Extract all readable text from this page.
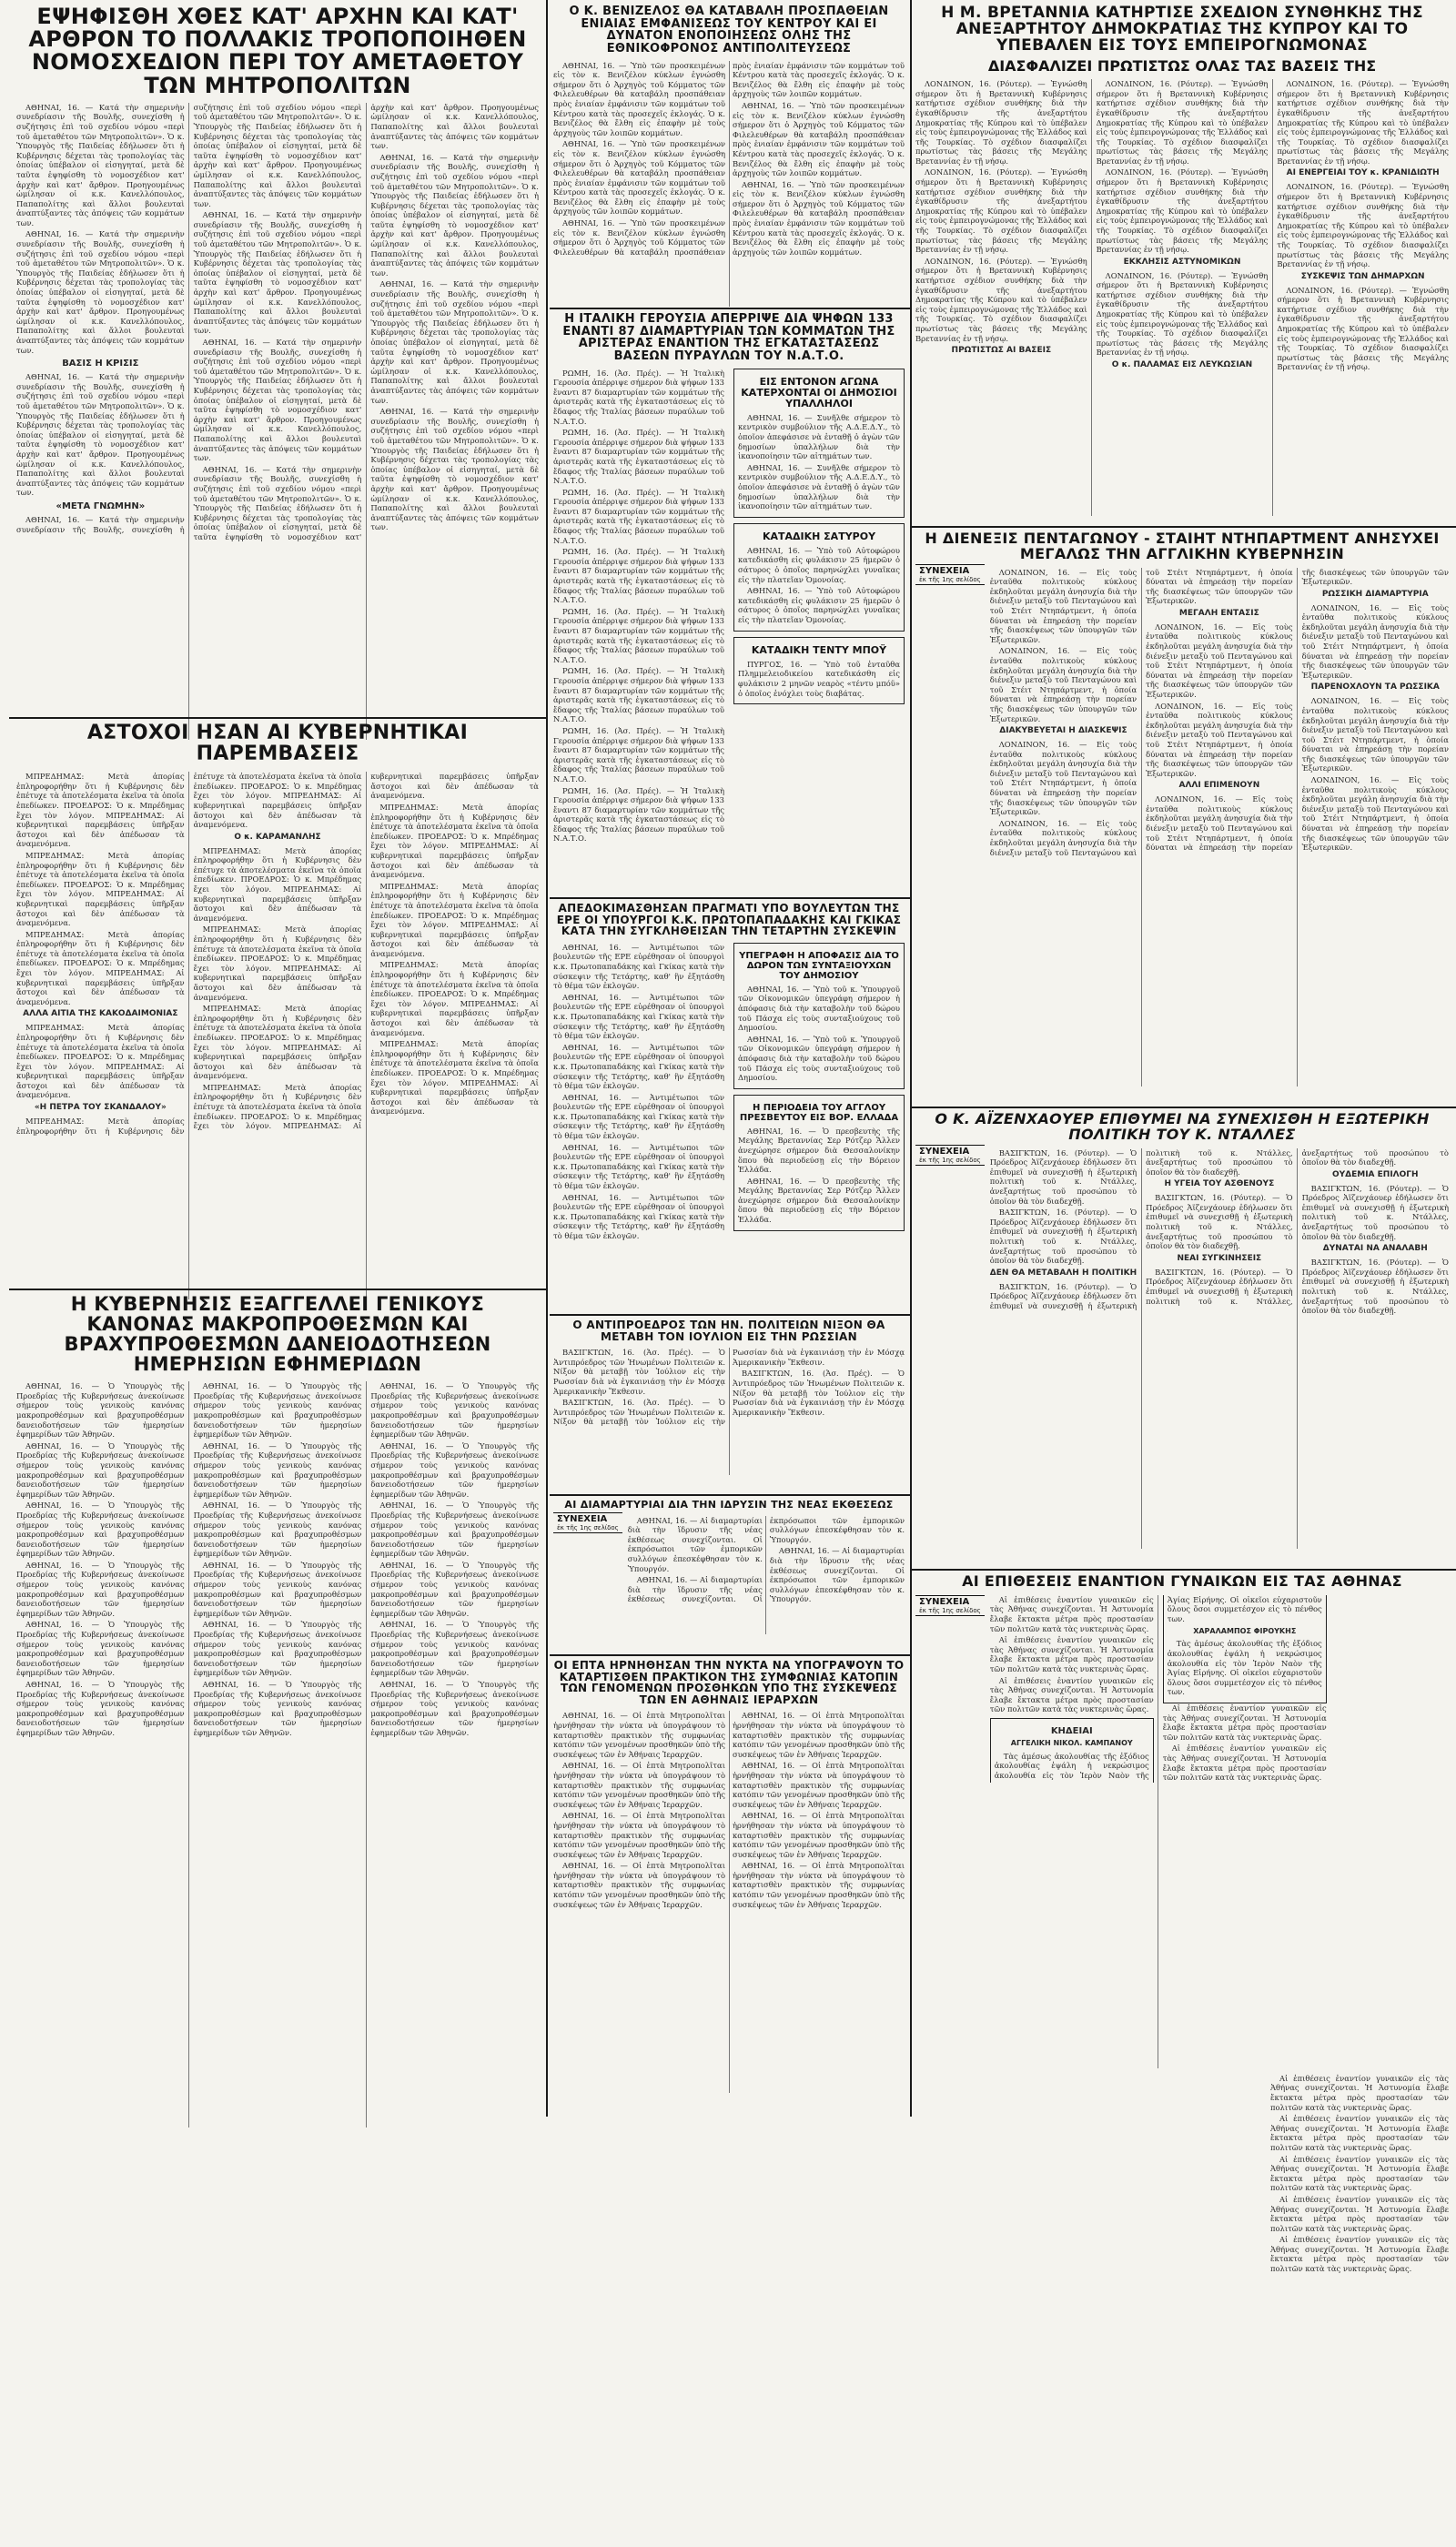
ΕΨΗΦΙΣΘΗ ΧΘΕΣ ΚΑΤ' ΑΡΧΗΝ ΚΑΙ ΚΑΤ' ΑΡΘΡΟΝ ΤΟ ΠΟΛΛΑΚΙΣ ΤΡΟΠΟΠΟΙΗΘΕΝ ΝΟΜΟΣΧΕΔΙΟΝ ΠΕΡΙ ΤΟΥ ΑΜΕΤΑΘΕΤΟΥ ΤΩΝ ΜΗΤΡΟΠΟΛΙΤΩΝ

ΑΘΗΝΑΙ, 16. — Κατά τὴν σημερινὴν συνεδρίασιν τῆς Βουλῆς, συνεχίσθη ἡ συζήτησις ἐπὶ τοῦ σχεδίου νόμου «περὶ τοῦ ἀμεταθέτου τῶν Μητροπολιτῶν». Ὁ κ. Ὑπουργὸς τῆς Παιδείας ἐδήλωσεν ὅτι ἡ Κυβέρνησις δέχεται τὰς τροπολογίας τὰς ὁποίας ὑπέβαλον οἱ εἰσηγηταί, μετὰ δὲ ταῦτα ἐψηφίσθη τὸ νομοσχέδιον κατ' ἀρχὴν καὶ κατ' ἄρθρον. Προηγουμένως ὡμίλησαν οἱ κ.κ. Κανελλόπουλος, Παπαπολίτης καὶ ἄλλοι βουλευταὶ ἀναπτύξαντες τὰς ἀπόψεις τῶν κομμάτων των.

ΑΘΗΝΑΙ, 16. — Κατά τὴν σημερινὴν συνεδρίασιν τῆς Βουλῆς, συνεχίσθη ἡ συζήτησις ἐπὶ τοῦ σχεδίου νόμου «περὶ τοῦ ἀμεταθέτου τῶν Μητροπολιτῶν». Ὁ κ. Ὑπουργὸς τῆς Παιδείας ἐδήλωσεν ὅτι ἡ Κυβέρνησις δέχεται τὰς τροπολογίας τὰς ὁποίας ὑπέβαλον οἱ εἰσηγηταί, μετὰ δὲ ταῦτα ἐψηφίσθη τὸ νομοσχέδιον κατ' ἀρχὴν καὶ κατ' ἄρθρον. Προηγουμένως ὡμίλησαν οἱ κ.κ. Κανελλόπουλος, Παπαπολίτης καὶ ἄλλοι βουλευταὶ ἀναπτύξαντες τὰς ἀπόψεις τῶν κομμάτων των.

ΒΑΣΙΣ Η ΚΡΙΣΙΣ

ΑΘΗΝΑΙ, 16. — Κατά τὴν σημερινὴν συνεδρίασιν τῆς Βουλῆς, συνεχίσθη ἡ συζήτησις ἐπὶ τοῦ σχεδίου νόμου «περὶ τοῦ ἀμεταθέτου τῶν Μητροπολιτῶν». Ὁ κ. Ὑπουργὸς τῆς Παιδείας ἐδήλωσεν ὅτι ἡ Κυβέρνησις δέχεται τὰς τροπολογίας τὰς ὁποίας ὑπέβαλον οἱ εἰσηγηταί, μετὰ δὲ ταῦτα ἐψηφίσθη τὸ νομοσχέδιον κατ' ἀρχὴν καὶ κατ' ἄρθρον. Προηγουμένως ὡμίλησαν οἱ κ.κ. Κανελλόπουλος, Παπαπολίτης καὶ ἄλλοι βουλευταὶ ἀναπτύξαντες τὰς ἀπόψεις τῶν κομμάτων των.

«ΜΕΤΑ ΓΝΩΜΗΝ»

ΑΘΗΝΑΙ, 16. — Κατά τὴν σημερινὴν συνεδρίασιν τῆς Βουλῆς, συνεχίσθη ἡ συζήτησις ἐπὶ τοῦ σχεδίου νόμου «περὶ τοῦ ἀμεταθέτου τῶν Μητροπολιτῶν». Ὁ κ. Ὑπουργὸς τῆς Παιδείας ἐδήλωσεν ὅτι ἡ Κυβέρνησις δέχεται τὰς τροπολογίας τὰς ὁποίας ὑπέβαλον οἱ εἰσηγηταί, μετὰ δὲ ταῦτα ἐψηφίσθη τὸ νομοσχέδιον κατ' ἀρχὴν καὶ κατ' ἄρθρον. Προηγουμένως ὡμίλησαν οἱ κ.κ. Κανελλόπουλος, Παπαπολίτης καὶ ἄλλοι βουλευταὶ ἀναπτύξαντες τὰς ἀπόψεις τῶν κομμάτων των.

ΑΘΗΝΑΙ, 16. — Κατά τὴν σημερινὴν συνεδρίασιν τῆς Βουλῆς, συνεχίσθη ἡ συζήτησις ἐπὶ τοῦ σχεδίου νόμου «περὶ τοῦ ἀμεταθέτου τῶν Μητροπολιτῶν». Ὁ κ. Ὑπουργὸς τῆς Παιδείας ἐδήλωσεν ὅτι ἡ Κυβέρνησις δέχεται τὰς τροπολογίας τὰς ὁποίας ὑπέβαλον οἱ εἰσηγηταί, μετὰ δὲ ταῦτα ἐψηφίσθη τὸ νομοσχέδιον κατ' ἀρχὴν καὶ κατ' ἄρθρον. Προηγουμένως ὡμίλησαν οἱ κ.κ. Κανελλόπουλος, Παπαπολίτης καὶ ἄλλοι βουλευταὶ ἀναπτύξαντες τὰς ἀπόψεις τῶν κομμάτων των.

ΑΘΗΝΑΙ, 16. — Κατά τὴν σημερινὴν συνεδρίασιν τῆς Βουλῆς, συνεχίσθη ἡ συζήτησις ἐπὶ τοῦ σχεδίου νόμου «περὶ τοῦ ἀμεταθέτου τῶν Μητροπολιτῶν». Ὁ κ. Ὑπουργὸς τῆς Παιδείας ἐδήλωσεν ὅτι ἡ Κυβέρνησις δέχεται τὰς τροπολογίας τὰς ὁποίας ὑπέβαλον οἱ εἰσηγηταί, μετὰ δὲ ταῦτα ἐψηφίσθη τὸ νομοσχέδιον κατ' ἀρχὴν καὶ κατ' ἄρθρον. Προηγουμένως ὡμίλησαν οἱ κ.κ. Κανελλόπουλος, Παπαπολίτης καὶ ἄλλοι βουλευταὶ ἀναπτύξαντες τὰς ἀπόψεις τῶν κομμάτων των.

ΑΘΗΝΑΙ, 16. — Κατά τὴν σημερινὴν συνεδρίασιν τῆς Βουλῆς, συνεχίσθη ἡ συζήτησις ἐπὶ τοῦ σχεδίου νόμου «περὶ τοῦ ἀμεταθέτου τῶν Μητροπολιτῶν». Ὁ κ. Ὑπουργὸς τῆς Παιδείας ἐδήλωσεν ὅτι ἡ Κυβέρνησις δέχεται τὰς τροπολογίας τὰς ὁποίας ὑπέβαλον οἱ εἰσηγηταί, μετὰ δὲ ταῦτα ἐψηφίσθη τὸ νομοσχέδιον κατ' ἀρχὴν καὶ κατ' ἄρθρον. Προηγουμένως ὡμίλησαν οἱ κ.κ. Κανελλόπουλος, Παπαπολίτης καὶ ἄλλοι βουλευταὶ ἀναπτύξαντες τὰς ἀπόψεις τῶν κομμάτων των.

ΑΘΗΝΑΙ, 16. — Κατά τὴν σημερινὴν συνεδρίασιν τῆς Βουλῆς, συνεχίσθη ἡ συζήτησις ἐπὶ τοῦ σχεδίου νόμου «περὶ τοῦ ἀμεταθέτου τῶν Μητροπολιτῶν». Ὁ κ. Ὑπουργὸς τῆς Παιδείας ἐδήλωσεν ὅτι ἡ Κυβέρνησις δέχεται τὰς τροπολογίας τὰς ὁποίας ὑπέβαλον οἱ εἰσηγηταί, μετὰ δὲ ταῦτα ἐψηφίσθη τὸ νομοσχέδιον κατ' ἀρχὴν καὶ κατ' ἄρθρον. Προηγουμένως ὡμίλησαν οἱ κ.κ. Κανελλόπουλος, Παπαπολίτης καὶ ἄλλοι βουλευταὶ ἀναπτύξαντες τὰς ἀπόψεις τῶν κομμάτων των.

ΑΘΗΝΑΙ, 16. — Κατά τὴν σημερινὴν συνεδρίασιν τῆς Βουλῆς, συνεχίσθη ἡ συζήτησις ἐπὶ τοῦ σχεδίου νόμου «περὶ τοῦ ἀμεταθέτου τῶν Μητροπολιτῶν». Ὁ κ. Ὑπουργὸς τῆς Παιδείας ἐδήλωσεν ὅτι ἡ Κυβέρνησις δέχεται τὰς τροπολογίας τὰς ὁποίας ὑπέβαλον οἱ εἰσηγηταί, μετὰ δὲ ταῦτα ἐψηφίσθη τὸ νομοσχέδιον κατ' ἀρχὴν καὶ κατ' ἄρθρον. Προηγουμένως ὡμίλησαν οἱ κ.κ. Κανελλόπουλος, Παπαπολίτης καὶ ἄλλοι βουλευταὶ ἀναπτύξαντες τὰς ἀπόψεις τῶν κομμάτων των.

ΑΘΗΝΑΙ, 16. — Κατά τὴν σημερινὴν συνεδρίασιν τῆς Βουλῆς, συνεχίσθη ἡ συζήτησις ἐπὶ τοῦ σχεδίου νόμου «περὶ τοῦ ἀμεταθέτου τῶν Μητροπολιτῶν». Ὁ κ. Ὑπουργὸς τῆς Παιδείας ἐδήλωσεν ὅτι ἡ Κυβέρνησις δέχεται τὰς τροπολογίας τὰς ὁποίας ὑπέβαλον οἱ εἰσηγηταί, μετὰ δὲ ταῦτα ἐψηφίσθη τὸ νομοσχέδιον κατ' ἀρχὴν καὶ κατ' ἄρθρον. Προηγουμένως ὡμίλησαν οἱ κ.κ. Κανελλόπουλος, Παπαπολίτης καὶ ἄλλοι βουλευταὶ ἀναπτύξαντες τὰς ἀπόψεις τῶν κομμάτων των.

ΑΣΤΟΧΟΙ ΗΣΑΝ ΑΙ ΚΥΒΕΡΝΗΤΙΚΑΙ ΠΑΡΕΜΒΑΣΕΙΣ

ΜΠΡΕΔΗΜΑΣ: Μετὰ ἀπορίας ἐπληροφορήθην ὅτι ἡ Κυβέρνησις δὲν ἐπέτυχε τὰ ἀποτελέσματα ἐκεῖνα τὰ ὁποῖα ἐπεδίωκεν. ΠΡΟΕΔΡΟΣ: Ὁ κ. Μπρέδημας ἔχει τὸν λόγον. ΜΠΡΕΔΗΜΑΣ: Αἱ κυβερνητικαὶ παρεμβάσεις ὑπῆρξαν ἄστοχοι καὶ δὲν ἀπέδωσαν τὰ ἀναμενόμενα.

ΜΠΡΕΔΗΜΑΣ: Μετὰ ἀπορίας ἐπληροφορήθην ὅτι ἡ Κυβέρνησις δὲν ἐπέτυχε τὰ ἀποτελέσματα ἐκεῖνα τὰ ὁποῖα ἐπεδίωκεν. ΠΡΟΕΔΡΟΣ: Ὁ κ. Μπρέδημας ἔχει τὸν λόγον. ΜΠΡΕΔΗΜΑΣ: Αἱ κυβερνητικαὶ παρεμβάσεις ὑπῆρξαν ἄστοχοι καὶ δὲν ἀπέδωσαν τὰ ἀναμενόμενα.

ΜΠΡΕΔΗΜΑΣ: Μετὰ ἀπορίας ἐπληροφορήθην ὅτι ἡ Κυβέρνησις δὲν ἐπέτυχε τὰ ἀποτελέσματα ἐκεῖνα τὰ ὁποῖα ἐπεδίωκεν. ΠΡΟΕΔΡΟΣ: Ὁ κ. Μπρέδημας ἔχει τὸν λόγον. ΜΠΡΕΔΗΜΑΣ: Αἱ κυβερνητικαὶ παρεμβάσεις ὑπῆρξαν ἄστοχοι καὶ δὲν ἀπέδωσαν τὰ ἀναμενόμενα.

ΑΛΛΑ ΑΙΤΙΑ ΤΗΣ ΚΑΚΟΔΑΙΜΟΝΙΑΣ

ΜΠΡΕΔΗΜΑΣ: Μετὰ ἀπορίας ἐπληροφορήθην ὅτι ἡ Κυβέρνησις δὲν ἐπέτυχε τὰ ἀποτελέσματα ἐκεῖνα τὰ ὁποῖα ἐπεδίωκεν. ΠΡΟΕΔΡΟΣ: Ὁ κ. Μπρέδημας ἔχει τὸν λόγον. ΜΠΡΕΔΗΜΑΣ: Αἱ κυβερνητικαὶ παρεμβάσεις ὑπῆρξαν ἄστοχοι καὶ δὲν ἀπέδωσαν τὰ ἀναμενόμενα.

«Η ΠΕΤΡΑ ΤΟΥ ΣΚΑΝΔΑΛΟΥ»

ΜΠΡΕΔΗΜΑΣ: Μετὰ ἀπορίας ἐπληροφορήθην ὅτι ἡ Κυβέρνησις δὲν ἐπέτυχε τὰ ἀποτελέσματα ἐκεῖνα τὰ ὁποῖα ἐπεδίωκεν. ΠΡΟΕΔΡΟΣ: Ὁ κ. Μπρέδημας ἔχει τὸν λόγον. ΜΠΡΕΔΗΜΑΣ: Αἱ κυβερνητικαὶ παρεμβάσεις ὑπῆρξαν ἄστοχοι καὶ δὲν ἀπέδωσαν τὰ ἀναμενόμενα.

Ο κ. ΚΑΡΑΜΑΝΛΗΣ

ΜΠΡΕΔΗΜΑΣ: Μετὰ ἀπορίας ἐπληροφορήθην ὅτι ἡ Κυβέρνησις δὲν ἐπέτυχε τὰ ἀποτελέσματα ἐκεῖνα τὰ ὁποῖα ἐπεδίωκεν. ΠΡΟΕΔΡΟΣ: Ὁ κ. Μπρέδημας ἔχει τὸν λόγον. ΜΠΡΕΔΗΜΑΣ: Αἱ κυβερνητικαὶ παρεμβάσεις ὑπῆρξαν ἄστοχοι καὶ δὲν ἀπέδωσαν τὰ ἀναμενόμενα.

ΜΠΡΕΔΗΜΑΣ: Μετὰ ἀπορίας ἐπληροφορήθην ὅτι ἡ Κυβέρνησις δὲν ἐπέτυχε τὰ ἀποτελέσματα ἐκεῖνα τὰ ὁποῖα ἐπεδίωκεν. ΠΡΟΕΔΡΟΣ: Ὁ κ. Μπρέδημας ἔχει τὸν λόγον. ΜΠΡΕΔΗΜΑΣ: Αἱ κυβερνητικαὶ παρεμβάσεις ὑπῆρξαν ἄστοχοι καὶ δὲν ἀπέδωσαν τὰ ἀναμενόμενα.

ΜΠΡΕΔΗΜΑΣ: Μετὰ ἀπορίας ἐπληροφορήθην ὅτι ἡ Κυβέρνησις δὲν ἐπέτυχε τὰ ἀποτελέσματα ἐκεῖνα τὰ ὁποῖα ἐπεδίωκεν. ΠΡΟΕΔΡΟΣ: Ὁ κ. Μπρέδημας ἔχει τὸν λόγον. ΜΠΡΕΔΗΜΑΣ: Αἱ κυβερνητικαὶ παρεμβάσεις ὑπῆρξαν ἄστοχοι καὶ δὲν ἀπέδωσαν τὰ ἀναμενόμενα.

ΜΠΡΕΔΗΜΑΣ: Μετὰ ἀπορίας ἐπληροφορήθην ὅτι ἡ Κυβέρνησις δὲν ἐπέτυχε τὰ ἀποτελέσματα ἐκεῖνα τὰ ὁποῖα ἐπεδίωκεν. ΠΡΟΕΔΡΟΣ: Ὁ κ. Μπρέδημας ἔχει τὸν λόγον. ΜΠΡΕΔΗΜΑΣ: Αἱ κυβερνητικαὶ παρεμβάσεις ὑπῆρξαν ἄστοχοι καὶ δὲν ἀπέδωσαν τὰ ἀναμενόμενα.

ΜΠΡΕΔΗΜΑΣ: Μετὰ ἀπορίας ἐπληροφορήθην ὅτι ἡ Κυβέρνησις δὲν ἐπέτυχε τὰ ἀποτελέσματα ἐκεῖνα τὰ ὁποῖα ἐπεδίωκεν. ΠΡΟΕΔΡΟΣ: Ὁ κ. Μπρέδημας ἔχει τὸν λόγον. ΜΠΡΕΔΗΜΑΣ: Αἱ κυβερνητικαὶ παρεμβάσεις ὑπῆρξαν ἄστοχοι καὶ δὲν ἀπέδωσαν τὰ ἀναμενόμενα.

ΜΠΡΕΔΗΜΑΣ: Μετὰ ἀπορίας ἐπληροφορήθην ὅτι ἡ Κυβέρνησις δὲν ἐπέτυχε τὰ ἀποτελέσματα ἐκεῖνα τὰ ὁποῖα ἐπεδίωκεν. ΠΡΟΕΔΡΟΣ: Ὁ κ. Μπρέδημας ἔχει τὸν λόγον. ΜΠΡΕΔΗΜΑΣ: Αἱ κυβερνητικαὶ παρεμβάσεις ὑπῆρξαν ἄστοχοι καὶ δὲν ἀπέδωσαν τὰ ἀναμενόμενα.

ΜΠΡΕΔΗΜΑΣ: Μετὰ ἀπορίας ἐπληροφορήθην ὅτι ἡ Κυβέρνησις δὲν ἐπέτυχε τὰ ἀποτελέσματα ἐκεῖνα τὰ ὁποῖα ἐπεδίωκεν. ΠΡΟΕΔΡΟΣ: Ὁ κ. Μπρέδημας ἔχει τὸν λόγον. ΜΠΡΕΔΗΜΑΣ: Αἱ κυβερνητικαὶ παρεμβάσεις ὑπῆρξαν ἄστοχοι καὶ δὲν ἀπέδωσαν τὰ ἀναμενόμενα.

ΜΠΡΕΔΗΜΑΣ: Μετὰ ἀπορίας ἐπληροφορήθην ὅτι ἡ Κυβέρνησις δὲν ἐπέτυχε τὰ ἀποτελέσματα ἐκεῖνα τὰ ὁποῖα ἐπεδίωκεν. ΠΡΟΕΔΡΟΣ: Ὁ κ. Μπρέδημας ἔχει τὸν λόγον. ΜΠΡΕΔΗΜΑΣ: Αἱ κυβερνητικαὶ παρεμβάσεις ὑπῆρξαν ἄστοχοι καὶ δὲν ἀπέδωσαν τὰ ἀναμενόμενα.

Η ΚΥΒΕΡΝΗΣΙΣ ΕΞΑΓΓΕΛΛΕΙ ΓΕΝΙΚΟΥΣ ΚΑΝΟΝΑΣ ΜΑΚΡΟΠΡΟΘΕΣΜΩΝ ΚΑΙ ΒΡΑΧΥΠΡΟΘΕΣΜΩΝ ΔΑΝΕΙΟΔΟΤΗΣΕΩΝ ΗΜΕΡΗΣΙΩΝ ΕΦΗΜΕΡΙΔΩΝ

ΑΘΗΝΑΙ, 16. — Ὁ Ὑπουργὸς τῆς Προεδρίας τῆς Κυβερνήσεως ἀνεκοίνωσε σήμερον τοὺς γενικοὺς κανόνας μακροπροθέσμων καὶ βραχυπροθέσμων δανειοδοτήσεων τῶν ἡμερησίων ἐφημερίδων τῶν Ἀθηνῶν.

ΑΘΗΝΑΙ, 16. — Ὁ Ὑπουργὸς τῆς Προεδρίας τῆς Κυβερνήσεως ἀνεκοίνωσε σήμερον τοὺς γενικοὺς κανόνας μακροπροθέσμων καὶ βραχυπροθέσμων δανειοδοτήσεων τῶν ἡμερησίων ἐφημερίδων τῶν Ἀθηνῶν.

ΑΘΗΝΑΙ, 16. — Ὁ Ὑπουργὸς τῆς Προεδρίας τῆς Κυβερνήσεως ἀνεκοίνωσε σήμερον τοὺς γενικοὺς κανόνας μακροπροθέσμων καὶ βραχυπροθέσμων δανειοδοτήσεων τῶν ἡμερησίων ἐφημερίδων τῶν Ἀθηνῶν.

ΑΘΗΝΑΙ, 16. — Ὁ Ὑπουργὸς τῆς Προεδρίας τῆς Κυβερνήσεως ἀνεκοίνωσε σήμερον τοὺς γενικοὺς κανόνας μακροπροθέσμων καὶ βραχυπροθέσμων δανειοδοτήσεων τῶν ἡμερησίων ἐφημερίδων τῶν Ἀθηνῶν.

ΑΘΗΝΑΙ, 16. — Ὁ Ὑπουργὸς τῆς Προεδρίας τῆς Κυβερνήσεως ἀνεκοίνωσε σήμερον τοὺς γενικοὺς κανόνας μακροπροθέσμων καὶ βραχυπροθέσμων δανειοδοτήσεων τῶν ἡμερησίων ἐφημερίδων τῶν Ἀθηνῶν.

ΑΘΗΝΑΙ, 16. — Ὁ Ὑπουργὸς τῆς Προεδρίας τῆς Κυβερνήσεως ἀνεκοίνωσε σήμερον τοὺς γενικοὺς κανόνας μακροπροθέσμων καὶ βραχυπροθέσμων δανειοδοτήσεων τῶν ἡμερησίων ἐφημερίδων τῶν Ἀθηνῶν.

ΑΘΗΝΑΙ, 16. — Ὁ Ὑπουργὸς τῆς Προεδρίας τῆς Κυβερνήσεως ἀνεκοίνωσε σήμερον τοὺς γενικοὺς κανόνας μακροπροθέσμων καὶ βραχυπροθέσμων δανειοδοτήσεων τῶν ἡμερησίων ἐφημερίδων τῶν Ἀθηνῶν.

ΑΘΗΝΑΙ, 16. — Ὁ Ὑπουργὸς τῆς Προεδρίας τῆς Κυβερνήσεως ἀνεκοίνωσε σήμερον τοὺς γενικοὺς κανόνας μακροπροθέσμων καὶ βραχυπροθέσμων δανειοδοτήσεων τῶν ἡμερησίων ἐφημερίδων τῶν Ἀθηνῶν.

ΑΘΗΝΑΙ, 16. — Ὁ Ὑπουργὸς τῆς Προεδρίας τῆς Κυβερνήσεως ἀνεκοίνωσε σήμερον τοὺς γενικοὺς κανόνας μακροπροθέσμων καὶ βραχυπροθέσμων δανειοδοτήσεων τῶν ἡμερησίων ἐφημερίδων τῶν Ἀθηνῶν.

ΑΘΗΝΑΙ, 16. — Ὁ Ὑπουργὸς τῆς Προεδρίας τῆς Κυβερνήσεως ἀνεκοίνωσε σήμερον τοὺς γενικοὺς κανόνας μακροπροθέσμων καὶ βραχυπροθέσμων δανειοδοτήσεων τῶν ἡμερησίων ἐφημερίδων τῶν Ἀθηνῶν.

ΑΘΗΝΑΙ, 16. — Ὁ Ὑπουργὸς τῆς Προεδρίας τῆς Κυβερνήσεως ἀνεκοίνωσε σήμερον τοὺς γενικοὺς κανόνας μακροπροθέσμων καὶ βραχυπροθέσμων δανειοδοτήσεων τῶν ἡμερησίων ἐφημερίδων τῶν Ἀθηνῶν.

ΑΘΗΝΑΙ, 16. — Ὁ Ὑπουργὸς τῆς Προεδρίας τῆς Κυβερνήσεως ἀνεκοίνωσε σήμερον τοὺς γενικοὺς κανόνας μακροπροθέσμων καὶ βραχυπροθέσμων δανειοδοτήσεων τῶν ἡμερησίων ἐφημερίδων τῶν Ἀθηνῶν.

ΑΘΗΝΑΙ, 16. — Ὁ Ὑπουργὸς τῆς Προεδρίας τῆς Κυβερνήσεως ἀνεκοίνωσε σήμερον τοὺς γενικοὺς κανόνας μακροπροθέσμων καὶ βραχυπροθέσμων δανειοδοτήσεων τῶν ἡμερησίων ἐφημερίδων τῶν Ἀθηνῶν.

ΑΘΗΝΑΙ, 16. — Ὁ Ὑπουργὸς τῆς Προεδρίας τῆς Κυβερνήσεως ἀνεκοίνωσε σήμερον τοὺς γενικοὺς κανόνας μακροπροθέσμων καὶ βραχυπροθέσμων δανειοδοτήσεων τῶν ἡμερησίων ἐφημερίδων τῶν Ἀθηνῶν.

ΑΘΗΝΑΙ, 16. — Ὁ Ὑπουργὸς τῆς Προεδρίας τῆς Κυβερνήσεως ἀνεκοίνωσε σήμερον τοὺς γενικοὺς κανόνας μακροπροθέσμων καὶ βραχυπροθέσμων δανειοδοτήσεων τῶν ἡμερησίων ἐφημερίδων τῶν Ἀθηνῶν.

ΑΘΗΝΑΙ, 16. — Ὁ Ὑπουργὸς τῆς Προεδρίας τῆς Κυβερνήσεως ἀνεκοίνωσε σήμερον τοὺς γενικοὺς κανόνας μακροπροθέσμων καὶ βραχυπροθέσμων δανειοδοτήσεων τῶν ἡμερησίων ἐφημερίδων τῶν Ἀθηνῶν.

ΑΘΗΝΑΙ, 16. — Ὁ Ὑπουργὸς τῆς Προεδρίας τῆς Κυβερνήσεως ἀνεκοίνωσε σήμερον τοὺς γενικοὺς κανόνας μακροπροθέσμων καὶ βραχυπροθέσμων δανειοδοτήσεων τῶν ἡμερησίων ἐφημερίδων τῶν Ἀθηνῶν.

ΑΘΗΝΑΙ, 16. — Ὁ Ὑπουργὸς τῆς Προεδρίας τῆς Κυβερνήσεως ἀνεκοίνωσε σήμερον τοὺς γενικοὺς κανόνας μακροπροθέσμων καὶ βραχυπροθέσμων δανειοδοτήσεων τῶν ἡμερησίων ἐφημερίδων τῶν Ἀθηνῶν.

Ο Κ. ΒΕΝΙΖΕΛΟΣ ΘΑ ΚΑΤΑΒΑΛΗ ΠΡΟΣΠΑΘΕΙΑΝ ΕΝΙΑΙΑΣ ΕΜΦΑΝΙΣΕΩΣ ΤΟΥ ΚΕΝΤΡΟΥ ΚΑΙ ΕΙ ΔΥΝΑΤΟΝ ΕΝΟΠΟΙΗΣΕΩΣ ΟΛΗΣ ΤΗΣ ΕΘΝΙΚΟΦΡΟΝΟΣ ΑΝΤΙΠΟΛΙΤΕΥΣΕΩΣ

ΑΘΗΝΑΙ, 16. — Ὑπὸ τῶν προσκειμένων εἰς τὸν κ. Βενιζέλον κύκλων ἐγνώσθη σήμερον ὅτι ὁ Ἀρχηγὸς τοῦ Κόμματος τῶν Φιλελευθέρων θὰ καταβάλη προσπάθειαν πρὸς ἑνιαίαν ἐμφάνισιν τῶν κομμάτων τοῦ Κέντρου κατὰ τὰς προσεχεῖς ἐκλογάς. Ὁ κ. Βενιζέλος θὰ ἔλθη εἰς ἐπαφὴν μὲ τοὺς ἀρχηγοὺς τῶν λοιπῶν κομμάτων.

ΑΘΗΝΑΙ, 16. — Ὑπὸ τῶν προσκειμένων εἰς τὸν κ. Βενιζέλον κύκλων ἐγνώσθη σήμερον ὅτι ὁ Ἀρχηγὸς τοῦ Κόμματος τῶν Φιλελευθέρων θὰ καταβάλη προσπάθειαν πρὸς ἑνιαίαν ἐμφάνισιν τῶν κομμάτων τοῦ Κέντρου κατὰ τὰς προσεχεῖς ἐκλογάς. Ὁ κ. Βενιζέλος θὰ ἔλθη εἰς ἐπαφὴν μὲ τοὺς ἀρχηγοὺς τῶν λοιπῶν κομμάτων.

ΑΘΗΝΑΙ, 16. — Ὑπὸ τῶν προσκειμένων εἰς τὸν κ. Βενιζέλον κύκλων ἐγνώσθη σήμερον ὅτι ὁ Ἀρχηγὸς τοῦ Κόμματος τῶν Φιλελευθέρων θὰ καταβάλη προσπάθειαν πρὸς ἑνιαίαν ἐμφάνισιν τῶν κομμάτων τοῦ Κέντρου κατὰ τὰς προσεχεῖς ἐκλογάς. Ὁ κ. Βενιζέλος θὰ ἔλθη εἰς ἐπαφὴν μὲ τοὺς ἀρχηγοὺς τῶν λοιπῶν κομμάτων.

ΑΘΗΝΑΙ, 16. — Ὑπὸ τῶν προσκειμένων εἰς τὸν κ. Βενιζέλον κύκλων ἐγνώσθη σήμερον ὅτι ὁ Ἀρχηγὸς τοῦ Κόμματος τῶν Φιλελευθέρων θὰ καταβάλη προσπάθειαν πρὸς ἑνιαίαν ἐμφάνισιν τῶν κομμάτων τοῦ Κέντρου κατὰ τὰς προσεχεῖς ἐκλογάς. Ὁ κ. Βενιζέλος θὰ ἔλθη εἰς ἐπαφὴν μὲ τοὺς ἀρχηγοὺς τῶν λοιπῶν κομμάτων.

ΑΘΗΝΑΙ, 16. — Ὑπὸ τῶν προσκειμένων εἰς τὸν κ. Βενιζέλον κύκλων ἐγνώσθη σήμερον ὅτι ὁ Ἀρχηγὸς τοῦ Κόμματος τῶν Φιλελευθέρων θὰ καταβάλη προσπάθειαν πρὸς ἑνιαίαν ἐμφάνισιν τῶν κομμάτων τοῦ Κέντρου κατὰ τὰς προσεχεῖς ἐκλογάς. Ὁ κ. Βενιζέλος θὰ ἔλθη εἰς ἐπαφὴν μὲ τοὺς ἀρχηγοὺς τῶν λοιπῶν κομμάτων.

Η ΙΤΑΛΙΚΗ ΓΕΡΟΥΣΙΑ ΑΠΕΡΡΙΨΕ ΔΙΑ ΨΗΦΩΝ 133 ΕΝΑΝΤΙ 87 ΔΙΑΜΑΡΤΥΡΙΑΝ ΤΩΝ ΚΟΜΜΑΤΩΝ ΤΗΣ ΑΡΙΣΤΕΡΑΣ ΕΝΑΝΤΙΟΝ ΤΗΣ ΕΓΚΑΤΑΣΤΑΣΕΩΣ ΒΑΣΕΩΝ ΠΥΡΑΥΛΩΝ ΤΟΥ Ν.Α.Τ.Ο.

ΡΩΜΗ, 16. (Ἀσ. Πρές). — Ἡ Ἰταλικὴ Γερουσία ἀπέρριψε σήμερον διὰ ψήφων 133 ἔναντι 87 διαμαρτυρίαν τῶν κομμάτων τῆς ἀριστερᾶς κατὰ τῆς ἐγκαταστάσεως εἰς τὸ ἔδαφος τῆς Ἰταλίας βάσεων πυραύλων τοῦ Ν.Α.Τ.Ο.

ΡΩΜΗ, 16. (Ἀσ. Πρές). — Ἡ Ἰταλικὴ Γερουσία ἀπέρριψε σήμερον διὰ ψήφων 133 ἔναντι 87 διαμαρτυρίαν τῶν κομμάτων τῆς ἀριστερᾶς κατὰ τῆς ἐγκαταστάσεως εἰς τὸ ἔδαφος τῆς Ἰταλίας βάσεων πυραύλων τοῦ Ν.Α.Τ.Ο.

ΡΩΜΗ, 16. (Ἀσ. Πρές). — Ἡ Ἰταλικὴ Γερουσία ἀπέρριψε σήμερον διὰ ψήφων 133 ἔναντι 87 διαμαρτυρίαν τῶν κομμάτων τῆς ἀριστερᾶς κατὰ τῆς ἐγκαταστάσεως εἰς τὸ ἔδαφος τῆς Ἰταλίας βάσεων πυραύλων τοῦ Ν.Α.Τ.Ο.

ΡΩΜΗ, 16. (Ἀσ. Πρές). — Ἡ Ἰταλικὴ Γερουσία ἀπέρριψε σήμερον διὰ ψήφων 133 ἔναντι 87 διαμαρτυρίαν τῶν κομμάτων τῆς ἀριστερᾶς κατὰ τῆς ἐγκαταστάσεως εἰς τὸ ἔδαφος τῆς Ἰταλίας βάσεων πυραύλων τοῦ Ν.Α.Τ.Ο.

ΡΩΜΗ, 16. (Ἀσ. Πρές). — Ἡ Ἰταλικὴ Γερουσία ἀπέρριψε σήμερον διὰ ψήφων 133 ἔναντι 87 διαμαρτυρίαν τῶν κομμάτων τῆς ἀριστερᾶς κατὰ τῆς ἐγκαταστάσεως εἰς τὸ ἔδαφος τῆς Ἰταλίας βάσεων πυραύλων τοῦ Ν.Α.Τ.Ο.

ΡΩΜΗ, 16. (Ἀσ. Πρές). — Ἡ Ἰταλικὴ Γερουσία ἀπέρριψε σήμερον διὰ ψήφων 133 ἔναντι 87 διαμαρτυρίαν τῶν κομμάτων τῆς ἀριστερᾶς κατὰ τῆς ἐγκαταστάσεως εἰς τὸ ἔδαφος τῆς Ἰταλίας βάσεων πυραύλων τοῦ Ν.Α.Τ.Ο.

ΡΩΜΗ, 16. (Ἀσ. Πρές). — Ἡ Ἰταλικὴ Γερουσία ἀπέρριψε σήμερον διὰ ψήφων 133 ἔναντι 87 διαμαρτυρίαν τῶν κομμάτων τῆς ἀριστερᾶς κατὰ τῆς ἐγκαταστάσεως εἰς τὸ ἔδαφος τῆς Ἰταλίας βάσεων πυραύλων τοῦ Ν.Α.Τ.Ο.

ΡΩΜΗ, 16. (Ἀσ. Πρές). — Ἡ Ἰταλικὴ Γερουσία ἀπέρριψε σήμερον διὰ ψήφων 133 ἔναντι 87 διαμαρτυρίαν τῶν κομμάτων τῆς ἀριστερᾶς κατὰ τῆς ἐγκαταστάσεως εἰς τὸ ἔδαφος τῆς Ἰταλίας βάσεων πυραύλων τοῦ Ν.Α.Τ.Ο.

ΕΙΣ ΕΝΤΟΝΟΝ ΑΓΩΝΑ ΚΑΤΕΡΧΟΝΤΑΙ ΟΙ ΔΗΜΟΣΙΟΙ ΥΠΑΛΛΗΛΟΙ

ΑΘΗΝΑΙ, 16. — Συνῆλθε σήμερον τὸ κεντρικὸν συμβούλιον τῆς Α.Δ.Ε.Δ.Υ., τὸ ὁποῖον ἀπεφάσισε νὰ ἐνταθῇ ὁ ἀγὼν τῶν δημοσίων ὑπαλλήλων διὰ τὴν ἱκανοποίησιν τῶν αἰτημάτων των.

ΑΘΗΝΑΙ, 16. — Συνῆλθε σήμερον τὸ κεντρικὸν συμβούλιον τῆς Α.Δ.Ε.Δ.Υ., τὸ ὁποῖον ἀπεφάσισε νὰ ἐνταθῇ ὁ ἀγὼν τῶν δημοσίων ὑπαλλήλων διὰ τὴν ἱκανοποίησιν τῶν αἰτημάτων των.

ΚΑΤΑΔΙΚΗ ΣΑΤΥΡΟΥ

ΑΘΗΝΑΙ, 16. — Ὑπὸ τοῦ Αὐτοφώρου κατεδικάσθη εἰς φυλάκισιν 25 ἡμερῶν ὁ σάτυρος ὁ ὁποῖος παρηνώχλει γυναῖκας εἰς τὴν πλατεῖαν Ὁμονοίας.

ΑΘΗΝΑΙ, 16. — Ὑπὸ τοῦ Αὐτοφώρου κατεδικάσθη εἰς φυλάκισιν 25 ἡμερῶν ὁ σάτυρος ὁ ὁποῖος παρηνώχλει γυναῖκας εἰς τὴν πλατεῖαν Ὁμονοίας.

ΚΑΤΑΔΙΚΗ ΤΕΝΤΥ ΜΠΟΫ

ΠΥΡΓΟΣ, 16. — Ὑπὸ τοῦ ἐνταῦθα Πλημμελειοδικείου κατεδικάσθη εἰς φυλάκισιν 2 μηνῶν νεαρὸς «τέντυ μπόϋ» ὁ ὁποῖος ἐνόχλει τοὺς διαβάτας.

ΑΠΕΔΟΚΙΜΑΣΘΗΣΑΝ ΠΡΑΓΜΑΤΙ ΥΠΟ ΒΟΥΛΕΥΤΩΝ ΤΗΣ ΕΡΕ ΟΙ ΥΠΟΥΡΓΟΙ Κ.Κ. ΠΡΩΤΟΠΑΠΑΔΑΚΗΣ ΚΑΙ ΓΚΙΚΑΣ ΚΑΤΑ ΤΗΝ ΣΥΓΚΛΗΘΕΙΣΑΝ ΤΗΝ ΤΕΤΑΡΤΗΝ ΣΥΣΚΕΨΙΝ

ΑΘΗΝΑΙ, 16. — Ἀντιμέτωποι τῶν βουλευτῶν τῆς ΕΡΕ εὑρέθησαν οἱ ὑπουργοὶ κ.κ. Πρωτοπαπαδάκης καὶ Γκίκας κατὰ τὴν σύσκεψιν τῆς Τετάρτης, καθ' ἣν ἐξητάσθη τὸ θέμα τῶν ἐκλογῶν.

ΑΘΗΝΑΙ, 16. — Ἀντιμέτωποι τῶν βουλευτῶν τῆς ΕΡΕ εὑρέθησαν οἱ ὑπουργοὶ κ.κ. Πρωτοπαπαδάκης καὶ Γκίκας κατὰ τὴν σύσκεψιν τῆς Τετάρτης, καθ' ἣν ἐξητάσθη τὸ θέμα τῶν ἐκλογῶν.

ΑΘΗΝΑΙ, 16. — Ἀντιμέτωποι τῶν βουλευτῶν τῆς ΕΡΕ εὑρέθησαν οἱ ὑπουργοὶ κ.κ. Πρωτοπαπαδάκης καὶ Γκίκας κατὰ τὴν σύσκεψιν τῆς Τετάρτης, καθ' ἣν ἐξητάσθη τὸ θέμα τῶν ἐκλογῶν.

ΑΘΗΝΑΙ, 16. — Ἀντιμέτωποι τῶν βουλευτῶν τῆς ΕΡΕ εὑρέθησαν οἱ ὑπουργοὶ κ.κ. Πρωτοπαπαδάκης καὶ Γκίκας κατὰ τὴν σύσκεψιν τῆς Τετάρτης, καθ' ἣν ἐξητάσθη τὸ θέμα τῶν ἐκλογῶν.

ΑΘΗΝΑΙ, 16. — Ἀντιμέτωποι τῶν βουλευτῶν τῆς ΕΡΕ εὑρέθησαν οἱ ὑπουργοὶ κ.κ. Πρωτοπαπαδάκης καὶ Γκίκας κατὰ τὴν σύσκεψιν τῆς Τετάρτης, καθ' ἣν ἐξητάσθη τὸ θέμα τῶν ἐκλογῶν.

ΑΘΗΝΑΙ, 16. — Ἀντιμέτωποι τῶν βουλευτῶν τῆς ΕΡΕ εὑρέθησαν οἱ ὑπουργοὶ κ.κ. Πρωτοπαπαδάκης καὶ Γκίκας κατὰ τὴν σύσκεψιν τῆς Τετάρτης, καθ' ἣν ἐξητάσθη τὸ θέμα τῶν ἐκλογῶν.

ΥΠΕΓΡΑΦΗ Η ΑΠΟΦΑΣΙΣ ΔΙΑ ΤΟ ΔΩΡΟΝ ΤΩΝ ΣΥΝΤΑΞΙΟΥΧΩΝ ΤΟΥ ΔΗΜΟΣΙΟΥ

ΑΘΗΝΑΙ, 16. — Ὑπὸ τοῦ κ. Ὑπουργοῦ τῶν Οἰκονομικῶν ὑπεγράφη σήμερον ἡ ἀπόφασις διὰ τὴν καταβολὴν τοῦ δώρου τοῦ Πάσχα εἰς τοὺς συνταξιούχους τοῦ Δημοσίου.

ΑΘΗΝΑΙ, 16. — Ὑπὸ τοῦ κ. Ὑπουργοῦ τῶν Οἰκονομικῶν ὑπεγράφη σήμερον ἡ ἀπόφασις διὰ τὴν καταβολὴν τοῦ δώρου τοῦ Πάσχα εἰς τοὺς συνταξιούχους τοῦ Δημοσίου.

Η ΠΕΡΙΟΔΕΙΑ ΤΟΥ ΑΓΓΛΟΥ ΠΡΕΣΒΕΥΤΟΥ ΕΙΣ ΒΟΡ. ΕΛΛΑΔΑ

ΑΘΗΝΑΙ, 16. — Ὁ πρεσβευτὴς τῆς Μεγάλης Βρεταννίας Σερ Ρότζερ Ἄλλεν ἀνεχώρησε σήμερον διὰ Θεσσαλονίκην ὅπου θὰ περιοδεύσῃ εἰς τὴν Βόρειον Ἑλλάδα.

ΑΘΗΝΑΙ, 16. — Ὁ πρεσβευτὴς τῆς Μεγάλης Βρεταννίας Σερ Ρότζερ Ἄλλεν ἀνεχώρησε σήμερον διὰ Θεσσαλονίκην ὅπου θὰ περιοδεύσῃ εἰς τὴν Βόρειον Ἑλλάδα.

Ο ΑΝΤΙΠΡΟΕΔΡΟΣ ΤΩΝ ΗΝ. ΠΟΛΙΤΕΙΩΝ ΝΙΞΟΝ ΘΑ ΜΕΤΑΒΗ ΤΟΝ ΙΟΥΛΙΟΝ ΕΙΣ ΤΗΝ ΡΩΣΣΙΑΝ

ΒΑΣΙΓΚΤΩΝ, 16. (Ἀσ. Πρές). — Ὁ Ἀντιπρόεδρος τῶν Ἡνωμένων Πολιτειῶν κ. Νίξον θὰ μεταβῇ τὸν Ἰούλιον εἰς τὴν Ρωσσίαν διὰ νὰ ἐγκαινιάσῃ τὴν ἐν Μόσχᾳ Ἀμερικανικὴν Ἔκθεσιν.

ΒΑΣΙΓΚΤΩΝ, 16. (Ἀσ. Πρές). — Ὁ Ἀντιπρόεδρος τῶν Ἡνωμένων Πολιτειῶν κ. Νίξον θὰ μεταβῇ τὸν Ἰούλιον εἰς τὴν Ρωσσίαν διὰ νὰ ἐγκαινιάσῃ τὴν ἐν Μόσχᾳ Ἀμερικανικὴν Ἔκθεσιν.

ΒΑΣΙΓΚΤΩΝ, 16. (Ἀσ. Πρές). — Ὁ Ἀντιπρόεδρος τῶν Ἡνωμένων Πολιτειῶν κ. Νίξον θὰ μεταβῇ τὸν Ἰούλιον εἰς τὴν Ρωσσίαν διὰ νὰ ἐγκαινιάσῃ τὴν ἐν Μόσχᾳ Ἀμερικανικὴν Ἔκθεσιν.

ΑΙ ΔΙΑΜΑΡΤΥΡΙΑΙ ΔΙΑ ΤΗΝ ΙΔΡΥΣΙΝ ΤΗΣ ΝΕΑΣ ΕΚΘΕΣΕΩΣ
ΣΥΝΕΧΕΙΑ
ἐκ τῆς 1ης σελίδος

ΑΘΗΝΑΙ, 16. — Αἱ διαμαρτυρίαι διὰ τὴν ἵδρυσιν τῆς νέας ἐκθέσεως συνεχίζονται. Οἱ ἐκπρόσωποι τῶν ἐμπορικῶν συλλόγων ἐπεσκέφθησαν τὸν κ. Ὑπουργόν.

ΑΘΗΝΑΙ, 16. — Αἱ διαμαρτυρίαι διὰ τὴν ἵδρυσιν τῆς νέας ἐκθέσεως συνεχίζονται. Οἱ ἐκπρόσωποι τῶν ἐμπορικῶν συλλόγων ἐπεσκέφθησαν τὸν κ. Ὑπουργόν.

ΑΘΗΝΑΙ, 16. — Αἱ διαμαρτυρίαι διὰ τὴν ἵδρυσιν τῆς νέας ἐκθέσεως συνεχίζονται. Οἱ ἐκπρόσωποι τῶν ἐμπορικῶν συλλόγων ἐπεσκέφθησαν τὸν κ. Ὑπουργόν.

ΟΙ ΕΠΤΑ ΗΡΝΗΘΗΣΑΝ ΤΗΝ ΝΥΚΤΑ ΝΑ ΥΠΟΓΡΑΨΟΥΝ ΤΟ ΚΑΤΑΡΤΙΣΘΕΝ ΠΡΑΚΤΙΚΟΝ ΤΗΣ ΣΥΜΦΩΝΙΑΣ ΚΑΤΟΠΙΝ ΤΩΝ ΓΕΝΟΜΕΝΩΝ ΠΡΟΣΘΗΚΩΝ ΥΠΟ ΤΗΣ ΣΥΣΚΕΨΕΩΣ ΤΩΝ ΕΝ ΑΘΗΝΑΙΣ ΙΕΡΑΡΧΩΝ

ΑΘΗΝΑΙ, 16. — Οἱ ἑπτὰ Μητροπολῖται ἠρνήθησαν τὴν νύκτα νὰ ὑπογράψουν τὸ καταρτισθὲν πρακτικὸν τῆς συμφωνίας κατόπιν τῶν γενομένων προσθηκῶν ὑπὸ τῆς συσκέψεως τῶν ἐν Ἀθήναις Ἱεραρχῶν.

ΑΘΗΝΑΙ, 16. — Οἱ ἑπτὰ Μητροπολῖται ἠρνήθησαν τὴν νύκτα νὰ ὑπογράψουν τὸ καταρτισθὲν πρακτικὸν τῆς συμφωνίας κατόπιν τῶν γενομένων προσθηκῶν ὑπὸ τῆς συσκέψεως τῶν ἐν Ἀθήναις Ἱεραρχῶν.

ΑΘΗΝΑΙ, 16. — Οἱ ἑπτὰ Μητροπολῖται ἠρνήθησαν τὴν νύκτα νὰ ὑπογράψουν τὸ καταρτισθὲν πρακτικὸν τῆς συμφωνίας κατόπιν τῶν γενομένων προσθηκῶν ὑπὸ τῆς συσκέψεως τῶν ἐν Ἀθήναις Ἱεραρχῶν.

ΑΘΗΝΑΙ, 16. — Οἱ ἑπτὰ Μητροπολῖται ἠρνήθησαν τὴν νύκτα νὰ ὑπογράψουν τὸ καταρτισθὲν πρακτικὸν τῆς συμφωνίας κατόπιν τῶν γενομένων προσθηκῶν ὑπὸ τῆς συσκέψεως τῶν ἐν Ἀθήναις Ἱεραρχῶν.

ΑΘΗΝΑΙ, 16. — Οἱ ἑπτὰ Μητροπολῖται ἠρνήθησαν τὴν νύκτα νὰ ὑπογράψουν τὸ καταρτισθὲν πρακτικὸν τῆς συμφωνίας κατόπιν τῶν γενομένων προσθηκῶν ὑπὸ τῆς συσκέψεως τῶν ἐν Ἀθήναις Ἱεραρχῶν.

ΑΘΗΝΑΙ, 16. — Οἱ ἑπτὰ Μητροπολῖται ἠρνήθησαν τὴν νύκτα νὰ ὑπογράψουν τὸ καταρτισθὲν πρακτικὸν τῆς συμφωνίας κατόπιν τῶν γενομένων προσθηκῶν ὑπὸ τῆς συσκέψεως τῶν ἐν Ἀθήναις Ἱεραρχῶν.

ΑΘΗΝΑΙ, 16. — Οἱ ἑπτὰ Μητροπολῖται ἠρνήθησαν τὴν νύκτα νὰ ὑπογράψουν τὸ καταρτισθὲν πρακτικὸν τῆς συμφωνίας κατόπιν τῶν γενομένων προσθηκῶν ὑπὸ τῆς συσκέψεως τῶν ἐν Ἀθήναις Ἱεραρχῶν.

ΑΘΗΝΑΙ, 16. — Οἱ ἑπτὰ Μητροπολῖται ἠρνήθησαν τὴν νύκτα νὰ ὑπογράψουν τὸ καταρτισθὲν πρακτικὸν τῆς συμφωνίας κατόπιν τῶν γενομένων προσθηκῶν ὑπὸ τῆς συσκέψεως τῶν ἐν Ἀθήναις Ἱεραρχῶν.

Η Μ. ΒΡΕΤΑΝΝΙΑ ΚΑΤΗΡΤΙΣΕ ΣΧΕΔΙΟΝ ΣΥΝΘΗΚΗΣ ΤΗΣ ΑΝΕΞΑΡΤΗΤΟΥ ΔΗΜΟΚΡΑΤΙΑΣ ΤΗΣ ΚΥΠΡΟΥ ΚΑΙ ΤΟ ΥΠΕΒΑΛΕΝ ΕΙΣ ΤΟΥΣ ΕΜΠΕΙΡΟΓΝΩΜΟΝΑΣ
ΔΙΑΣΦΑΛΙΖΕΙ ΠΡΩΤΙΣΤΩΣ ΟΛΑΣ ΤΑΣ ΒΑΣΕΙΣ ΤΗΣ

ΛΟΝΔΙΝΟΝ, 16. (Ρόυτερ). — Ἐγνώσθη σήμερον ὅτι ἡ Βρεταννικὴ Κυβέρνησις κατήρτισε σχέδιον συνθήκης διὰ τὴν ἐγκαθίδρυσιν τῆς ἀνεξαρτήτου Δημοκρατίας τῆς Κύπρου καὶ τὸ ὑπέβαλεν εἰς τοὺς ἐμπειρογνώμονας τῆς Ἑλλάδος καὶ τῆς Τουρκίας. Τὸ σχέδιον διασφαλίζει πρωτίστως τὰς βάσεις τῆς Μεγάλης Βρεταννίας ἐν τῇ νήσῳ.

ΛΟΝΔΙΝΟΝ, 16. (Ρόυτερ). — Ἐγνώσθη σήμερον ὅτι ἡ Βρεταννικὴ Κυβέρνησις κατήρτισε σχέδιον συνθήκης διὰ τὴν ἐγκαθίδρυσιν τῆς ἀνεξαρτήτου Δημοκρατίας τῆς Κύπρου καὶ τὸ ὑπέβαλεν εἰς τοὺς ἐμπειρογνώμονας τῆς Ἑλλάδος καὶ τῆς Τουρκίας. Τὸ σχέδιον διασφαλίζει πρωτίστως τὰς βάσεις τῆς Μεγάλης Βρεταννίας ἐν τῇ νήσῳ.

ΛΟΝΔΙΝΟΝ, 16. (Ρόυτερ). — Ἐγνώσθη σήμερον ὅτι ἡ Βρεταννικὴ Κυβέρνησις κατήρτισε σχέδιον συνθήκης διὰ τὴν ἐγκαθίδρυσιν τῆς ἀνεξαρτήτου Δημοκρατίας τῆς Κύπρου καὶ τὸ ὑπέβαλεν εἰς τοὺς ἐμπειρογνώμονας τῆς Ἑλλάδος καὶ τῆς Τουρκίας. Τὸ σχέδιον διασφαλίζει πρωτίστως τὰς βάσεις τῆς Μεγάλης Βρεταννίας ἐν τῇ νήσῳ.

ΠΡΩΤΙΣΤΩΣ ΑΙ ΒΑΣΕΙΣ

ΛΟΝΔΙΝΟΝ, 16. (Ρόυτερ). — Ἐγνώσθη σήμερον ὅτι ἡ Βρεταννικὴ Κυβέρνησις κατήρτισε σχέδιον συνθήκης διὰ τὴν ἐγκαθίδρυσιν τῆς ἀνεξαρτήτου Δημοκρατίας τῆς Κύπρου καὶ τὸ ὑπέβαλεν εἰς τοὺς ἐμπειρογνώμονας τῆς Ἑλλάδος καὶ τῆς Τουρκίας. Τὸ σχέδιον διασφαλίζει πρωτίστως τὰς βάσεις τῆς Μεγάλης Βρεταννίας ἐν τῇ νήσῳ.

ΛΟΝΔΙΝΟΝ, 16. (Ρόυτερ). — Ἐγνώσθη σήμερον ὅτι ἡ Βρεταννικὴ Κυβέρνησις κατήρτισε σχέδιον συνθήκης διὰ τὴν ἐγκαθίδρυσιν τῆς ἀνεξαρτήτου Δημοκρατίας τῆς Κύπρου καὶ τὸ ὑπέβαλεν εἰς τοὺς ἐμπειρογνώμονας τῆς Ἑλλάδος καὶ τῆς Τουρκίας. Τὸ σχέδιον διασφαλίζει πρωτίστως τὰς βάσεις τῆς Μεγάλης Βρεταννίας ἐν τῇ νήσῳ.

ΕΚΚΛΗΣΙΣ ΑΣΤΥΝΟΜΙΚΩΝ

ΛΟΝΔΙΝΟΝ, 16. (Ρόυτερ). — Ἐγνώσθη σήμερον ὅτι ἡ Βρεταννικὴ Κυβέρνησις κατήρτισε σχέδιον συνθήκης διὰ τὴν ἐγκαθίδρυσιν τῆς ἀνεξαρτήτου Δημοκρατίας τῆς Κύπρου καὶ τὸ ὑπέβαλεν εἰς τοὺς ἐμπειρογνώμονας τῆς Ἑλλάδος καὶ τῆς Τουρκίας. Τὸ σχέδιον διασφαλίζει πρωτίστως τὰς βάσεις τῆς Μεγάλης Βρεταννίας ἐν τῇ νήσῳ.

Ο κ. ΠΑΛΑΜΑΣ ΕΙΣ ΛΕΥΚΩΣΙΑΝ

ΛΟΝΔΙΝΟΝ, 16. (Ρόυτερ). — Ἐγνώσθη σήμερον ὅτι ἡ Βρεταννικὴ Κυβέρνησις κατήρτισε σχέδιον συνθήκης διὰ τὴν ἐγκαθίδρυσιν τῆς ἀνεξαρτήτου Δημοκρατίας τῆς Κύπρου καὶ τὸ ὑπέβαλεν εἰς τοὺς ἐμπειρογνώμονας τῆς Ἑλλάδος καὶ τῆς Τουρκίας. Τὸ σχέδιον διασφαλίζει πρωτίστως τὰς βάσεις τῆς Μεγάλης Βρεταννίας ἐν τῇ νήσῳ.

ΑΙ ΕΝΕΡΓΕΙΑΙ ΤΟΥ κ. ΚΡΑΝΙΔΙΩΤΗ

ΛΟΝΔΙΝΟΝ, 16. (Ρόυτερ). — Ἐγνώσθη σήμερον ὅτι ἡ Βρεταννικὴ Κυβέρνησις κατήρτισε σχέδιον συνθήκης διὰ τὴν ἐγκαθίδρυσιν τῆς ἀνεξαρτήτου Δημοκρατίας τῆς Κύπρου καὶ τὸ ὑπέβαλεν εἰς τοὺς ἐμπειρογνώμονας τῆς Ἑλλάδος καὶ τῆς Τουρκίας. Τὸ σχέδιον διασφαλίζει πρωτίστως τὰς βάσεις τῆς Μεγάλης Βρεταννίας ἐν τῇ νήσῳ.

ΣΥΣΚΕΨΙΣ ΤΩΝ ΔΗΜΑΡΧΩΝ

ΛΟΝΔΙΝΟΝ, 16. (Ρόυτερ). — Ἐγνώσθη σήμερον ὅτι ἡ Βρεταννικὴ Κυβέρνησις κατήρτισε σχέδιον συνθήκης διὰ τὴν ἐγκαθίδρυσιν τῆς ἀνεξαρτήτου Δημοκρατίας τῆς Κύπρου καὶ τὸ ὑπέβαλεν εἰς τοὺς ἐμπειρογνώμονας τῆς Ἑλλάδος καὶ τῆς Τουρκίας. Τὸ σχέδιον διασφαλίζει πρωτίστως τὰς βάσεις τῆς Μεγάλης Βρεταννίας ἐν τῇ νήσῳ.

Η ΔΙΕΝΕΞΙΣ ΠΕΝΤΑΓΩΝΟΥ - ΣΤΑΙΗΤ ΝΤΗΠΑΡΤΜΕΝΤ ΑΝΗΣΥΧΕΙ ΜΕΓΑΛΩΣ ΤΗΝ ΑΓΓΛΙΚΗΝ ΚΥΒΕΡΝΗΣΙΝ
ΣΥΝΕΧΕΙΑ
ἐκ τῆς 1ης σελίδος

ΛΟΝΔΙΝΟΝ, 16. — Εἰς τοὺς ἐνταῦθα πολιτικοὺς κύκλους ἐκδηλοῦται μεγάλη ἀνησυχία διὰ τὴν διένεξιν μεταξὺ τοῦ Πενταγώνου καὶ τοῦ Στέιτ Ντηπάρτμεντ, ἡ ὁποία δύναται νὰ ἐπηρεάσῃ τὴν πορείαν τῆς διασκέψεως τῶν ὑπουργῶν τῶν Ἐξωτερικῶν.

ΛΟΝΔΙΝΟΝ, 16. — Εἰς τοὺς ἐνταῦθα πολιτικοὺς κύκλους ἐκδηλοῦται μεγάλη ἀνησυχία διὰ τὴν διένεξιν μεταξὺ τοῦ Πενταγώνου καὶ τοῦ Στέιτ Ντηπάρτμεντ, ἡ ὁποία δύναται νὰ ἐπηρεάσῃ τὴν πορείαν τῆς διασκέψεως τῶν ὑπουργῶν τῶν Ἐξωτερικῶν.

ΔΙΑΚΥΒΕΥΕΤΑΙ Η ΔΙΑΣΚΕΨΙΣ

ΛΟΝΔΙΝΟΝ, 16. — Εἰς τοὺς ἐνταῦθα πολιτικοὺς κύκλους ἐκδηλοῦται μεγάλη ἀνησυχία διὰ τὴν διένεξιν μεταξὺ τοῦ Πενταγώνου καὶ τοῦ Στέιτ Ντηπάρτμεντ, ἡ ὁποία δύναται νὰ ἐπηρεάσῃ τὴν πορείαν τῆς διασκέψεως τῶν ὑπουργῶν τῶν Ἐξωτερικῶν.

ΛΟΝΔΙΝΟΝ, 16. — Εἰς τοὺς ἐνταῦθα πολιτικοὺς κύκλους ἐκδηλοῦται μεγάλη ἀνησυχία διὰ τὴν διένεξιν μεταξὺ τοῦ Πενταγώνου καὶ τοῦ Στέιτ Ντηπάρτμεντ, ἡ ὁποία δύναται νὰ ἐπηρεάσῃ τὴν πορείαν τῆς διασκέψεως τῶν ὑπουργῶν τῶν Ἐξωτερικῶν.

ΜΕΓΑΛΗ ΕΝΤΑΣΙΣ

ΛΟΝΔΙΝΟΝ, 16. — Εἰς τοὺς ἐνταῦθα πολιτικοὺς κύκλους ἐκδηλοῦται μεγάλη ἀνησυχία διὰ τὴν διένεξιν μεταξὺ τοῦ Πενταγώνου καὶ τοῦ Στέιτ Ντηπάρτμεντ, ἡ ὁποία δύναται νὰ ἐπηρεάσῃ τὴν πορείαν τῆς διασκέψεως τῶν ὑπουργῶν τῶν Ἐξωτερικῶν.

ΛΟΝΔΙΝΟΝ, 16. — Εἰς τοὺς ἐνταῦθα πολιτικοὺς κύκλους ἐκδηλοῦται μεγάλη ἀνησυχία διὰ τὴν διένεξιν μεταξὺ τοῦ Πενταγώνου καὶ τοῦ Στέιτ Ντηπάρτμεντ, ἡ ὁποία δύναται νὰ ἐπηρεάσῃ τὴν πορείαν τῆς διασκέψεως τῶν ὑπουργῶν τῶν Ἐξωτερικῶν.

ΑΛΛΙ ΕΠΙΜΕΝΟΥΝ

ΛΟΝΔΙΝΟΝ, 16. — Εἰς τοὺς ἐνταῦθα πολιτικοὺς κύκλους ἐκδηλοῦται μεγάλη ἀνησυχία διὰ τὴν διένεξιν μεταξὺ τοῦ Πενταγώνου καὶ τοῦ Στέιτ Ντηπάρτμεντ, ἡ ὁποία δύναται νὰ ἐπηρεάσῃ τὴν πορείαν τῆς διασκέψεως τῶν ὑπουργῶν τῶν Ἐξωτερικῶν.

ΡΩΣΣΙΚΗ ΔΙΑΜΑΡΤΥΡΙΑ

ΛΟΝΔΙΝΟΝ, 16. — Εἰς τοὺς ἐνταῦθα πολιτικοὺς κύκλους ἐκδηλοῦται μεγάλη ἀνησυχία διὰ τὴν διένεξιν μεταξὺ τοῦ Πενταγώνου καὶ τοῦ Στέιτ Ντηπάρτμεντ, ἡ ὁποία δύναται νὰ ἐπηρεάσῃ τὴν πορείαν τῆς διασκέψεως τῶν ὑπουργῶν τῶν Ἐξωτερικῶν.

ΠΑΡΕΝΟΧΛΟΥΝ ΤΑ ΡΩΣΣΙΚΑ

ΛΟΝΔΙΝΟΝ, 16. — Εἰς τοὺς ἐνταῦθα πολιτικοὺς κύκλους ἐκδηλοῦται μεγάλη ἀνησυχία διὰ τὴν διένεξιν μεταξὺ τοῦ Πενταγώνου καὶ τοῦ Στέιτ Ντηπάρτμεντ, ἡ ὁποία δύναται νὰ ἐπηρεάσῃ τὴν πορείαν τῆς διασκέψεως τῶν ὑπουργῶν τῶν Ἐξωτερικῶν.

ΛΟΝΔΙΝΟΝ, 16. — Εἰς τοὺς ἐνταῦθα πολιτικοὺς κύκλους ἐκδηλοῦται μεγάλη ἀνησυχία διὰ τὴν διένεξιν μεταξὺ τοῦ Πενταγώνου καὶ τοῦ Στέιτ Ντηπάρτμεντ, ἡ ὁποία δύναται νὰ ἐπηρεάσῃ τὴν πορείαν τῆς διασκέψεως τῶν ὑπουργῶν τῶν Ἐξωτερικῶν.

Ο Κ. ΑΪΖΕΝΧΑΟΥΕΡ ΕΠΙΘΥΜΕΙ ΝΑ ΣΥΝΕΧΙΣΘΗ Η ΕΞΩΤΕΡΙΚΗ ΠΟΛΙΤΙΚΗ ΤΟΥ Κ. ΝΤΑΛΛΕΣ
ΣΥΝΕΧΕΙΑ
ἐκ τῆς 1ης σελίδος

ΒΑΣΙΓΚΤΩΝ, 16. (Ρόυτερ). — Ὁ Πρόεδρος Ἀϊζενχάουερ ἐδήλωσεν ὅτι ἐπιθυμεῖ νὰ συνεχισθῇ ἡ ἐξωτερικὴ πολιτικὴ τοῦ κ. Ντάλλες, ἀνεξαρτήτως τοῦ προσώπου τὸ ὁποῖον θὰ τὸν διαδεχθῇ.

ΒΑΣΙΓΚΤΩΝ, 16. (Ρόυτερ). — Ὁ Πρόεδρος Ἀϊζενχάουερ ἐδήλωσεν ὅτι ἐπιθυμεῖ νὰ συνεχισθῇ ἡ ἐξωτερικὴ πολιτικὴ τοῦ κ. Ντάλλες, ἀνεξαρτήτως τοῦ προσώπου τὸ ὁποῖον θὰ τὸν διαδεχθῇ.

ΔΕΝ ΘΑ ΜΕΤΑΒΑΛΗ Η ΠΟΛΙΤΙΚΗ

ΒΑΣΙΓΚΤΩΝ, 16. (Ρόυτερ). — Ὁ Πρόεδρος Ἀϊζενχάουερ ἐδήλωσεν ὅτι ἐπιθυμεῖ νὰ συνεχισθῇ ἡ ἐξωτερικὴ πολιτικὴ τοῦ κ. Ντάλλες, ἀνεξαρτήτως τοῦ προσώπου τὸ ὁποῖον θὰ τὸν διαδεχθῇ.

Η ΥΓΕΙΑ ΤΟΥ ΑΣΘΕΝΟΥΣ

ΒΑΣΙΓΚΤΩΝ, 16. (Ρόυτερ). — Ὁ Πρόεδρος Ἀϊζενχάουερ ἐδήλωσεν ὅτι ἐπιθυμεῖ νὰ συνεχισθῇ ἡ ἐξωτερικὴ πολιτικὴ τοῦ κ. Ντάλλες, ἀνεξαρτήτως τοῦ προσώπου τὸ ὁποῖον θὰ τὸν διαδεχθῇ.

ΝΕΑΙ ΣΥΓΚΙΝΗΣΕΙΣ

ΒΑΣΙΓΚΤΩΝ, 16. (Ρόυτερ). — Ὁ Πρόεδρος Ἀϊζενχάουερ ἐδήλωσεν ὅτι ἐπιθυμεῖ νὰ συνεχισθῇ ἡ ἐξωτερικὴ πολιτικὴ τοῦ κ. Ντάλλες, ἀνεξαρτήτως τοῦ προσώπου τὸ ὁποῖον θὰ τὸν διαδεχθῇ.

ΟΥΔΕΜΙΑ ΕΠΙΛΟΓΗ

ΒΑΣΙΓΚΤΩΝ, 16. (Ρόυτερ). — Ὁ Πρόεδρος Ἀϊζενχάουερ ἐδήλωσεν ὅτι ἐπιθυμεῖ νὰ συνεχισθῇ ἡ ἐξωτερικὴ πολιτικὴ τοῦ κ. Ντάλλες, ἀνεξαρτήτως τοῦ προσώπου τὸ ὁποῖον θὰ τὸν διαδεχθῇ.

ΔΥΝΑΤΑΙ ΝΑ ΑΝΑΛΑΒΗ

ΒΑΣΙΓΚΤΩΝ, 16. (Ρόυτερ). — Ὁ Πρόεδρος Ἀϊζενχάουερ ἐδήλωσεν ὅτι ἐπιθυμεῖ νὰ συνεχισθῇ ἡ ἐξωτερικὴ πολιτικὴ τοῦ κ. Ντάλλες, ἀνεξαρτήτως τοῦ προσώπου τὸ ὁποῖον θὰ τὸν διαδεχθῇ.

ΑΙ ΕΠΙΘΕΣΕΙΣ ΕΝΑΝΤΙΟΝ ΓΥΝΑΙΚΩΝ ΕΙΣ ΤΑΣ ΑΘΗΝΑΣ
ΣΥΝΕΧΕΙΑ
ἐκ τῆς 1ης σελίδος

Αἱ ἐπιθέσεις ἐναντίον γυναικῶν εἰς τὰς Ἀθήνας συνεχίζονται. Ἡ Ἀστυνομία ἔλαβε ἔκτακτα μέτρα πρὸς προστασίαν τῶν πολιτῶν κατὰ τὰς νυκτερινὰς ὥρας.

Αἱ ἐπιθέσεις ἐναντίον γυναικῶν εἰς τὰς Ἀθήνας συνεχίζονται. Ἡ Ἀστυνομία ἔλαβε ἔκτακτα μέτρα πρὸς προστασίαν τῶν πολιτῶν κατὰ τὰς νυκτερινὰς ὥρας.

Αἱ ἐπιθέσεις ἐναντίον γυναικῶν εἰς τὰς Ἀθήνας συνεχίζονται. Ἡ Ἀστυνομία ἔλαβε ἔκτακτα μέτρα πρὸς προστασίαν τῶν πολιτῶν κατὰ τὰς νυκτερινὰς ὥρας.

ΚΗΔΕΙΑΙ
ΑΓΓΕΛΙΚΗ ΝΙΚΟΛ. ΚΑΜΠΑΝΟΥ

Τὰς ἀμέσως ἀκολουθίας τῆς ἐξόδιος ἀκολουθίας ἐψάλη ἡ νεκρώσιμος ἀκολουθία εἰς τὸν Ἱερὸν Ναὸν τῆς Ἁγίας Εἰρήνης. Οἱ οἰκεῖοι εὐχαριστοῦν ὅλους ὅσοι συμμετέσχον εἰς τὸ πένθος των.

ΧΑΡΑΛΑΜΠΟΣ ΦΙΡΟΥΚΗΣ

Τὰς ἀμέσως ἀκολουθίας τῆς ἐξόδιος ἀκολουθίας ἐψάλη ἡ νεκρώσιμος ἀκολουθία εἰς τὸν Ἱερὸν Ναὸν τῆς Ἁγίας Εἰρήνης. Οἱ οἰκεῖοι εὐχαριστοῦν ὅλους ὅσοι συμμετέσχον εἰς τὸ πένθος των.

Αἱ ἐπιθέσεις ἐναντίον γυναικῶν εἰς τὰς Ἀθήνας συνεχίζονται. Ἡ Ἀστυνομία ἔλαβε ἔκτακτα μέτρα πρὸς προστασίαν τῶν πολιτῶν κατὰ τὰς νυκτερινὰς ὥρας.

Αἱ ἐπιθέσεις ἐναντίον γυναικῶν εἰς τὰς Ἀθήνας συνεχίζονται. Ἡ Ἀστυνομία ἔλαβε ἔκτακτα μέτρα πρὸς προστασίαν τῶν πολιτῶν κατὰ τὰς νυκτερινὰς ὥρας.

Αἱ ἐπιθέσεις ἐναντίον γυναικῶν εἰς τὰς Ἀθήνας συνεχίζονται. Ἡ Ἀστυνομία ἔλαβε ἔκτακτα μέτρα πρὸς προστασίαν τῶν πολιτῶν κατὰ τὰς νυκτερινὰς ὥρας.

Αἱ ἐπιθέσεις ἐναντίον γυναικῶν εἰς τὰς Ἀθήνας συνεχίζονται. Ἡ Ἀστυνομία ἔλαβε ἔκτακτα μέτρα πρὸς προστασίαν τῶν πολιτῶν κατὰ τὰς νυκτερινὰς ὥρας.

Αἱ ἐπιθέσεις ἐναντίον γυναικῶν εἰς τὰς Ἀθήνας συνεχίζονται. Ἡ Ἀστυνομία ἔλαβε ἔκτακτα μέτρα πρὸς προστασίαν τῶν πολιτῶν κατὰ τὰς νυκτερινὰς ὥρας.

Αἱ ἐπιθέσεις ἐναντίον γυναικῶν εἰς τὰς Ἀθήνας συνεχίζονται. Ἡ Ἀστυνομία ἔλαβε ἔκτακτα μέτρα πρὸς προστασίαν τῶν πολιτῶν κατὰ τὰς νυκτερινὰς ὥρας.

Αἱ ἐπιθέσεις ἐναντίον γυναικῶν εἰς τὰς Ἀθήνας συνεχίζονται. Ἡ Ἀστυνομία ἔλαβε ἔκτακτα μέτρα πρὸς προστασίαν τῶν πολιτῶν κατὰ τὰς νυκτερινὰς ὥρας.
